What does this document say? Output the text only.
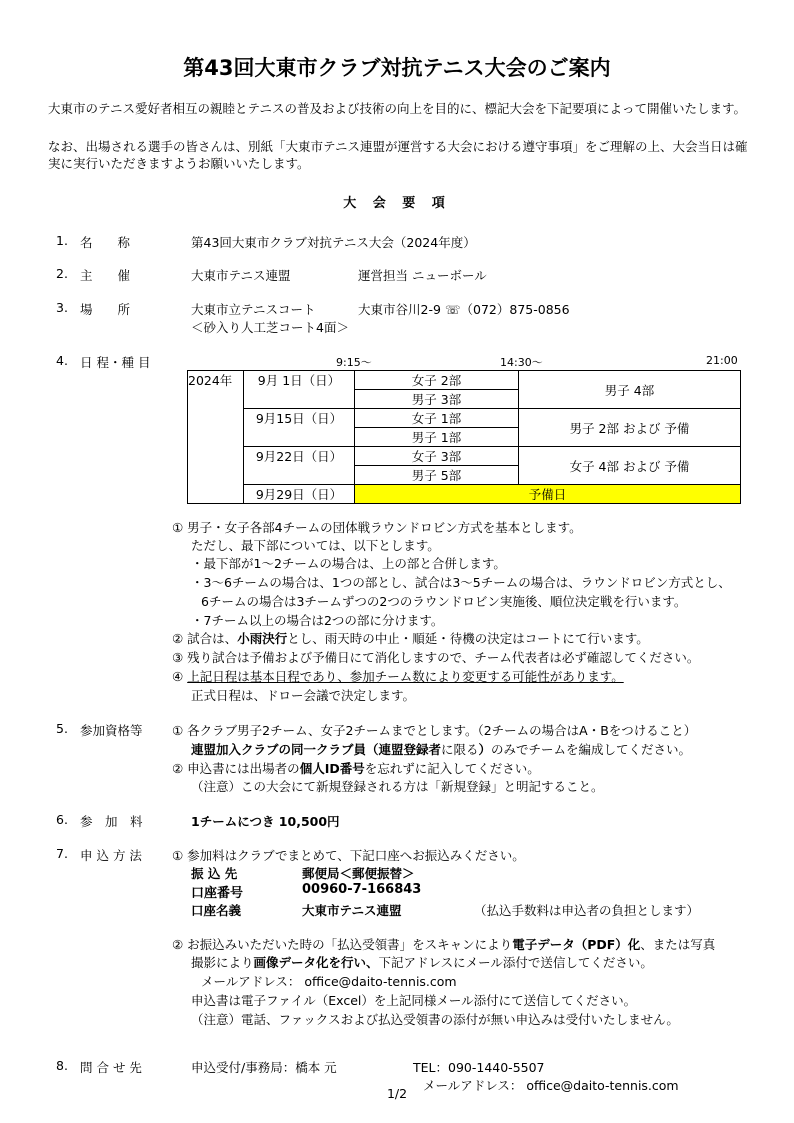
第43回大東市クラブ対抗テニス大会のご案内
大東市のテニス愛好者相互の親睦とテニスの普及および技術の向上を目的に、標記大会を下記要項によって開催いたします。
なお、出場される選手の皆さんは、別紙「大東市テニス連盟が運営する大会における遵守事項」をご理解の上、大会当日は確実に実行いただきますようお願いいたします。
大 会 要 項
1. 名　　称	第43回大東市クラブ対抗テニス大会（2024年度）
2. 主　　催	大東市テニス連盟	運営担当 ニューボール
3. 場　　所	大東市立テニスコート	大東市谷川2-9 ☏（072）875-0856
＜砂入り人工芝コート4面＞
4. 日 程・種 目	9:15〜	14:30〜	21:00
2024年	9月 1日（日）	女子 2部	男子 4部
		男子 3部	
	9月15日（日）	女子 1部	男子 2部 および 予備
		男子 1部	
	9月22日（日）	女子 3部	女子 4部 および 予備
		男子 5部	
	9月29日（日）	予備日	
① 男子・女子各部4チームの団体戦ラウンドロビン方式を基本とします。
ただし、最下部については、以下とします。
・最下部が1〜2チームの場合は、上の部と合併します。
・3〜6チームの場合は、1つの部とし、試合は3〜5チームの場合は、ラウンドロビン方式とし、
6チームの場合は3チームずつの2つのラウンドロビン実施後、順位決定戦を行います。
・7チーム以上の場合は2つの部に分けます。
② 試合は、小雨決行とし、雨天時の中止・順延・待機の決定はコートにて行います。
③ 残り試合は予備および予備日にて消化しますので、チーム代表者は必ず確認してください。
④ 上記日程は基本日程であり、参加チーム数により変更する可能性があります。
正式日程は、ドロー会議で決定します。
5. 参加資格等 ① 各クラブ男子2チーム、女子2チームまでとします。（2チームの場合はA・Bをつけること）
連盟加入クラブの同一クラブ員（連盟登録者に限る）のみでチームを編成してください。
② 申込書には出場者の個人ID番号を忘れずに記入してください。
（注意）この大会にて新規登録される方は「新規登録」と明記すること。
6. 参　加　料	1チームにつき 10,500円
7. 申 込 方 法 ① 参加料はクラブでまとめて、下記口座へお振込みください。
振 込 先	郵便局＜郵便振替＞
口座番号	00960-7-166843
口座名義	大東市テニス連盟	（払込手数料は申込者の負担とします）
② お振込みいただいた時の「払込受領書」をスキャンにより電子データ（PDF）化、または写真
撮影により画像データ化を行い、下記アドレスにメール添付で送信してください。
メールアドレス： office@daito-tennis.com
申込書は電子ファイル（Excel）を上記同様メール添付にて送信してください。
（注意）電話、ファックスおよび払込受領書の添付が無い申込みは受付いたしません。
8. 問 合 せ 先	申込受付/事務局：橋本 元	TEL：090-1440-5507
メールアドレス： office@daito-tennis.com
1/2
